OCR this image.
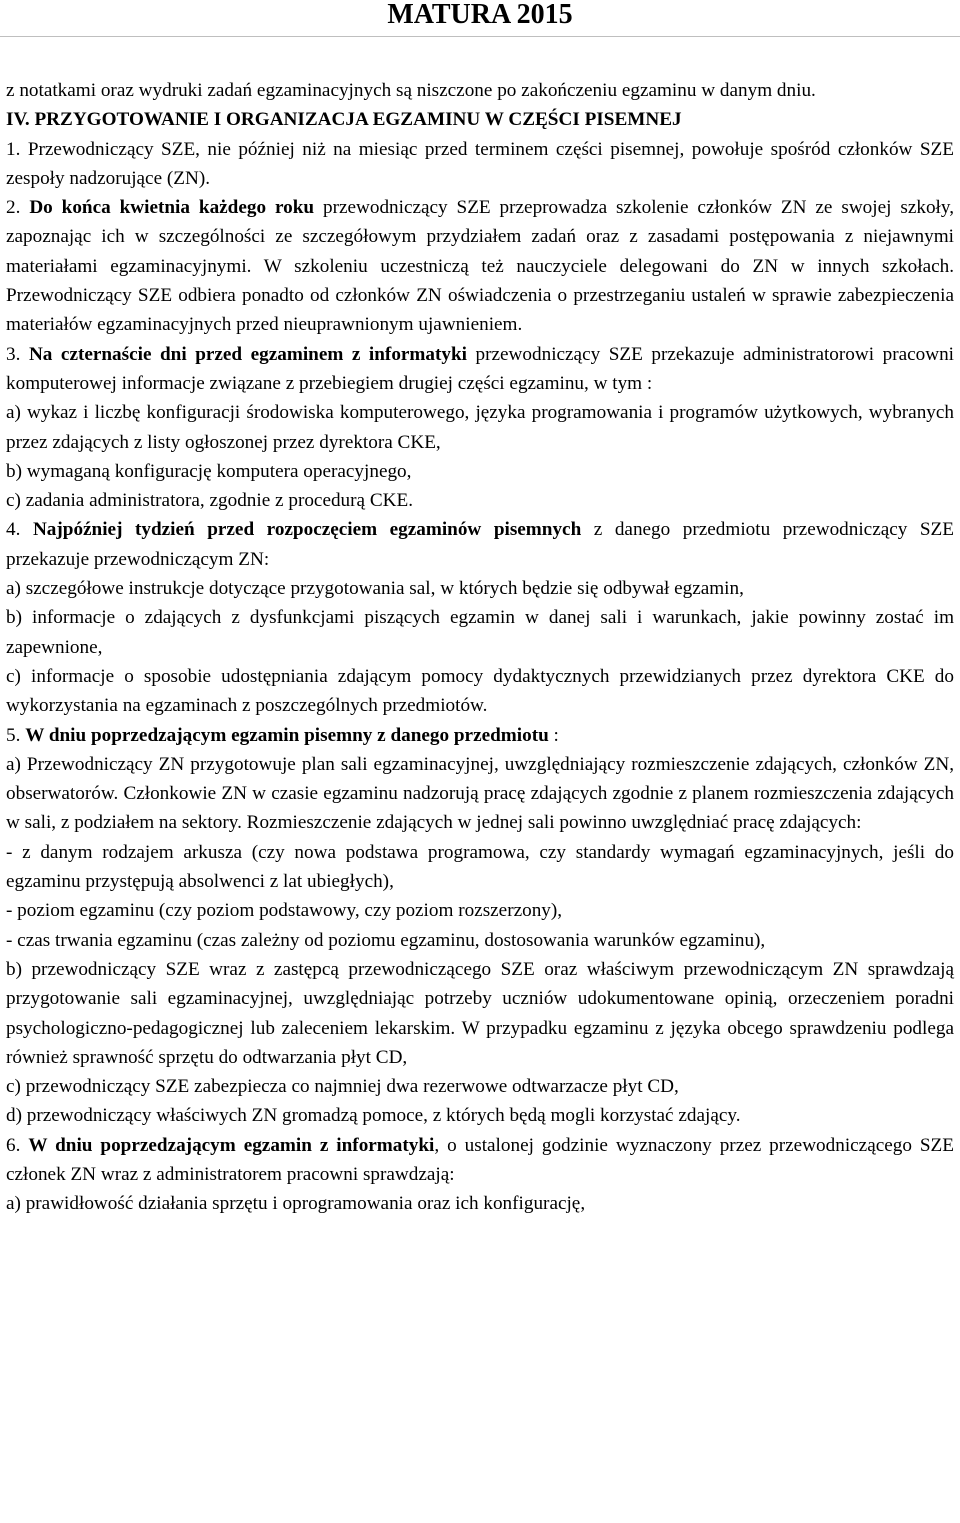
MATURA 2015

z notatkami oraz wydruki zadań egzaminacyjnych są niszczone po zakończeniu egzaminu w danym dniu.

IV. PRZYGOTOWANIE I ORGANIZACJA EGZAMINU W CZĘŚCI PISEMNEJ

1. Przewodniczący SZE, nie później niż na miesiąc przed terminem części pisemnej, powołuje spośród członków SZE zespoły nadzorujące (ZN).

2. Do końca kwietnia każdego roku przewodniczący SZE przeprowadza szkolenie członków ZN ze swojej szkoły, zapoznając ich w szczególności ze szczegółowym przydziałem zadań oraz z zasadami postępowania z niejawnymi materiałami egzaminacyjnymi. W szkoleniu uczestniczą też nauczyciele delegowani do ZN w innych szkołach. Przewodniczący SZE odbiera ponadto od członków ZN oświadczenia o przestrzeganiu ustaleń w sprawie zabezpieczenia materiałów egzaminacyjnych przed nieuprawnionym ujawnieniem.

3. Na czternaście dni przed egzaminem z informatyki przewodniczący SZE przekazuje administratorowi pracowni komputerowej informacje związane z przebiegiem drugiej części egzaminu, w tym :

a) wykaz i liczbę konfiguracji środowiska komputerowego, języka programowania i programów użytkowych, wybranych przez zdających z listy ogłoszonej przez dyrektora CKE,

b) wymaganą konfigurację komputera operacyjnego,

c) zadania administratora, zgodnie z procedurą CKE.

4. Najpóźniej tydzień przed rozpoczęciem egzaminów pisemnych z danego przedmiotu przewodniczący SZE przekazuje przewodniczącym ZN:

a) szczegółowe instrukcje dotyczące przygotowania sal, w których będzie się odbywał egzamin,

b) informacje o zdających z dysfunkcjami piszących egzamin w danej sali i warunkach, jakie powinny zostać im zapewnione,

c) informacje o sposobie udostępniania zdającym pomocy dydaktycznych przewidzianych przez dyrektora CKE do wykorzystania na egzaminach z poszczególnych przedmiotów.

5. W dniu poprzedzającym egzamin pisemny z danego przedmiotu :

a) Przewodniczący ZN przygotowuje plan sali egzaminacyjnej, uwzględniający rozmieszczenie zdających, członków ZN, obserwatorów. Członkowie ZN w czasie egzaminu nadzorują pracę zdających zgodnie z planem rozmieszczenia zdających w sali, z podziałem na sektory. Rozmieszczenie zdających w jednej sali powinno uwzględniać pracę zdających:

- z danym rodzajem arkusza (czy nowa podstawa programowa, czy standardy wymagań egzaminacyjnych, jeśli do egzaminu przystępują absolwenci z lat ubiegłych),

- poziom egzaminu (czy poziom podstawowy, czy poziom rozszerzony),

- czas trwania egzaminu (czas zależny od poziomu egzaminu, dostosowania warunków egzaminu),

b) przewodniczący SZE wraz z zastępcą przewodniczącego SZE oraz właściwym przewodniczącym ZN sprawdzają przygotowanie sali egzaminacyjnej, uwzględniając potrzeby uczniów udokumentowane opinią, orzeczeniem poradni psychologiczno-pedagogicznej lub zaleceniem lekarskim. W przypadku egzaminu z języka obcego sprawdzeniu podlega również sprawność sprzętu do odtwarzania płyt CD,

c) przewodniczący SZE zabezpiecza co najmniej dwa rezerwowe odtwarzacze płyt CD,

d) przewodniczący właściwych ZN gromadzą pomoce, z których będą mogli korzystać zdający.

6. W dniu poprzedzającym egzamin z informatyki, o ustalonej godzinie wyznaczony przez przewodniczącego SZE członek ZN wraz z administratorem pracowni sprawdzają:

a) prawidłowość działania sprzętu i oprogramowania oraz ich konfigurację,
